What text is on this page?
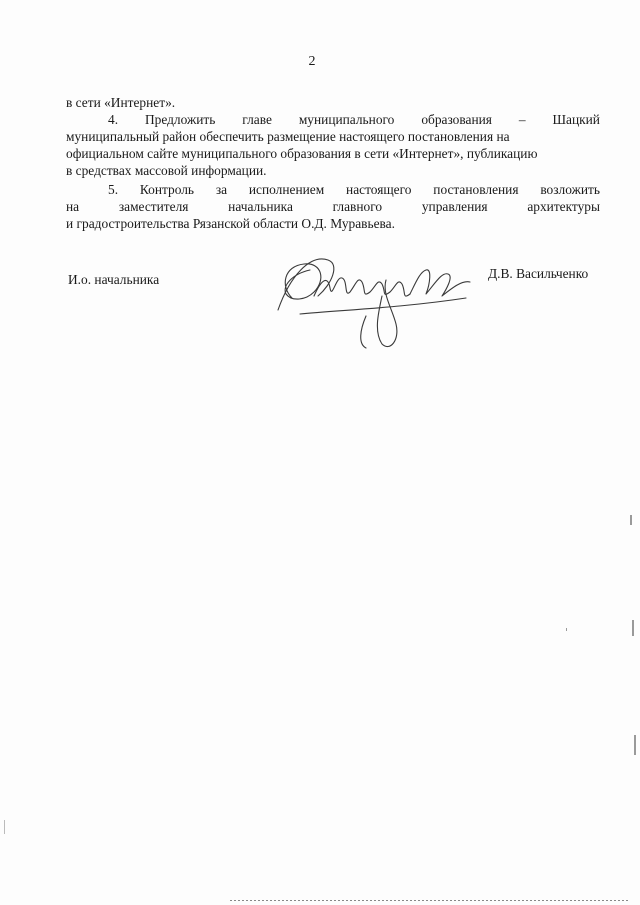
2
в сети «Интернет».
4. Предложить главе муниципального образования – Шацкий
муниципальный район обеспечить размещение настоящего постановления на
официальном сайте муниципального образования в сети «Интернет», публикацию
в средствах массовой информации.
5. Контроль за исполнением настоящего постановления возложить
на	заместителя	начальника	главного	управления	архитектуры
и градостроительства Рязанской области О.Д. Муравьева.
И.о. начальника	Д.В. Васильченко
